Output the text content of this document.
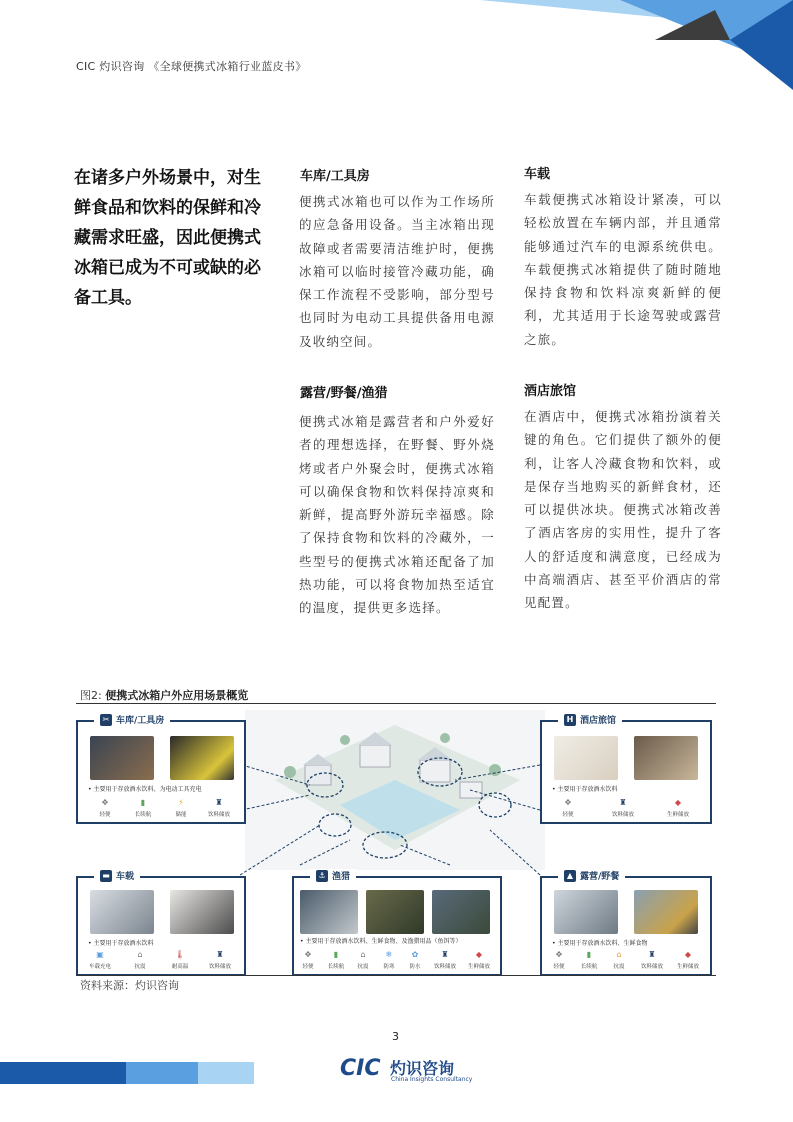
CIC 灼识咨询 《全球便携式冰箱行业蓝皮书》
在诸多户外场景中，对生鲜食品和饮料的保鲜和冷藏需求旺盛，因此便携式冰箱已成为不可或缺的必备工具。
车库/工具房
便携式冰箱也可以作为工作场所的应急备用设备。当主冰箱出现故障或者需要清洁维护时，便携冰箱可以临时接管冷藏功能，确保工作流程不受影响，部分型号也同时为电动工具提供备用电源及收纳空间。
车载
车载便携式冰箱设计紧凑，可以轻松放置在车辆内部，并且通常能够通过汽车的电源系统供电。车载便携式冰箱提供了随时随地保持食物和饮料凉爽新鲜的便利，尤其适用于长途驾驶或露营之旅。
露营/野餐/渔猎
便携式冰箱是露营者和户外爱好者的理想选择，在野餐、野外烧烤或者户外聚会时，便携式冰箱可以确保食物和饮料保持凉爽和新鲜，提高野外游玩幸福感。除了保持食物和饮料的冷藏外，一些型号的便携式冰箱还配备了加热功能，可以将食物加热至适宜的温度，提供更多选择。
酒店旅馆
在酒店中，便携式冰箱扮演着关键的角色。它们提供了额外的便利，让客人冷藏食物和饮料，或是保存当地购买的新鲜食材，还可以提供冰块。便携式冰箱改善了酒店客房的实用性，提升了客人的舒适度和满意度，已经成为中高端酒店、甚至平价酒店的常见配置。
图2: 便携式冰箱户外应用场景概览
✂ 车库/工具房
• 主要用于存放酒水饮料、为电动工具充电
✥
轻便
▮
长续航
⚡
储能
♜
饮料储放
H 酒店旅馆
• 主要用于存放酒水饮料
✥
轻便
♜
饮料储放
◆
生鲜储放
▬ 车载
• 主要用于存放酒水饮料
▣
车载充电
⌂
抗震
🌡
耐高温
♜
饮料储放
⚓ 渔猎
• 主要用于存放酒水饮料、生鲜食物、及渔猎用品（鱼饵等）
✥
轻便
▮
长续航
⌂
抗震
❄
防寒
✿
防水
♜
饮料储放
◆
生鲜储放
▲ 露营/野餐
• 主要用于存放酒水饮料、生鲜食物
✥
轻便
▮
长续航
⌂
抗震
♜
饮料储放
◆
生鲜储放
资料来源：灼识咨询
3
CIC 灼识咨询
China Insights Consultancy
